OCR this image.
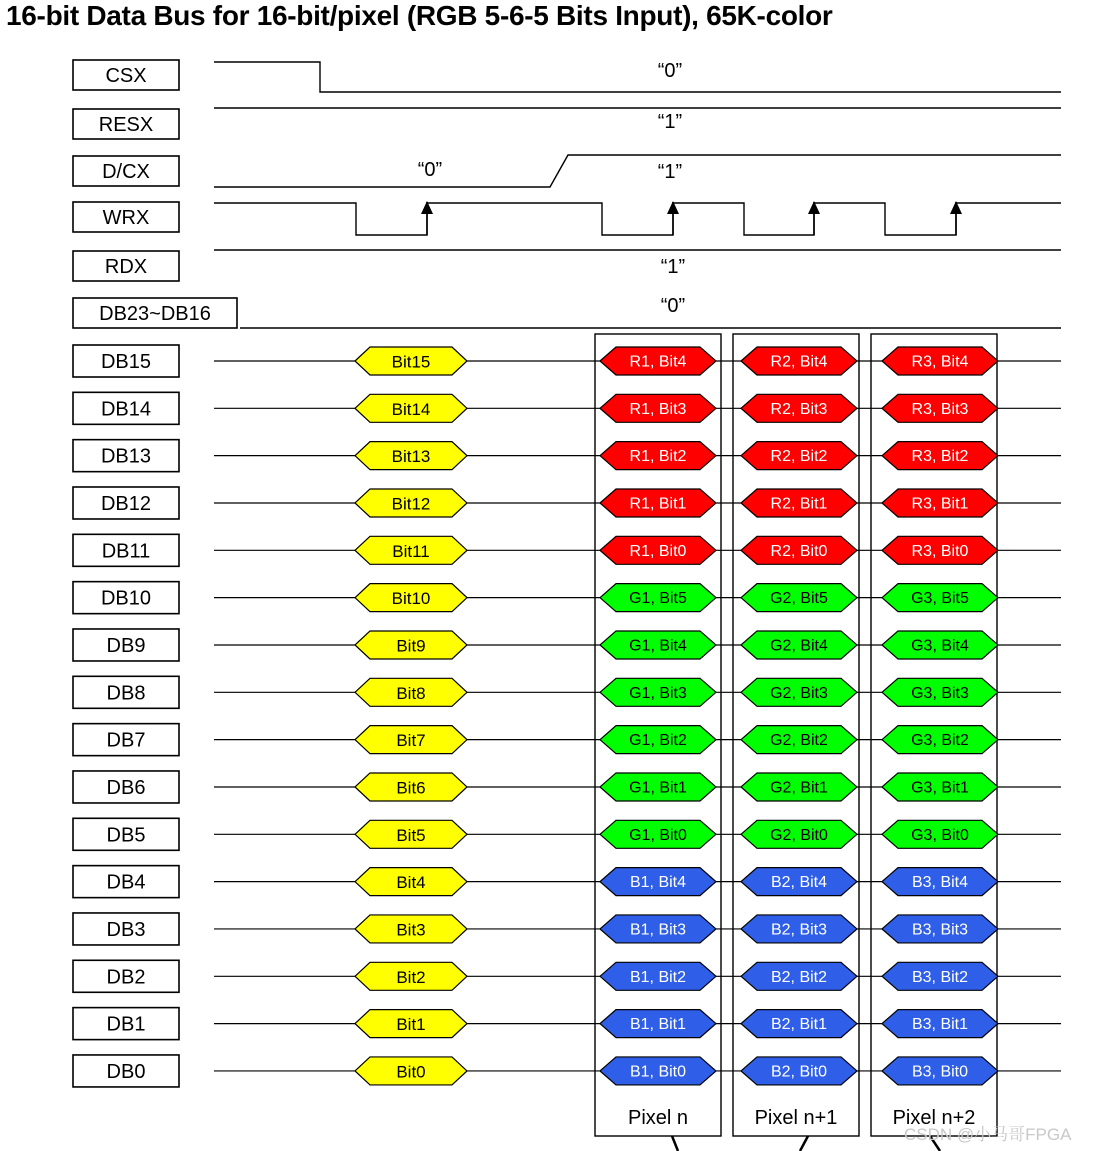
16-bit Data Bus for 16-bit/pixel (RGB 5-6-5 Bits Input), 65K-color
CSX
RESX
D/CX
WRX
RDX
DB23~DB16
“0”
“1”
“0”	“1”
“1”
“0”
Pixel n	Pixel n+1	Pixel n+2
DB15	Bit15	R1, Bit4	R2, Bit4	R3, Bit4
DB14	Bit14	R1, Bit3	R2, Bit3	R3, Bit3
DB13	Bit13	R1, Bit2	R2, Bit2	R3, Bit2
DB12	Bit12	R1, Bit1	R2, Bit1	R3, Bit1
DB11	Bit11	R1, Bit0	R2, Bit0	R3, Bit0
DB10	Bit10	G1, Bit5	G2, Bit5	G3, Bit5
DB9	Bit9	G1, Bit4	G2, Bit4	G3, Bit4
DB8	Bit8	G1, Bit3	G2, Bit3	G3, Bit3
DB7	Bit7	G1, Bit2	G2, Bit2	G3, Bit2
DB6	Bit6	G1, Bit1	G2, Bit1	G3, Bit1
DB5	Bit5	G1, Bit0	G2, Bit0	G3, Bit0
DB4	Bit4	B1, Bit4	B2, Bit4	B3, Bit4
DB3	Bit3	B1, Bit3	B2, Bit3	B3, Bit3
DB2	Bit2	B1, Bit2	B2, Bit2	B3, Bit2
DB1	Bit1	B1, Bit1	B2, Bit1	B3, Bit1
DB0	Bit0	B1, Bit0	B2, Bit0	B3, Bit0
CSDN @小马哥FPGA
